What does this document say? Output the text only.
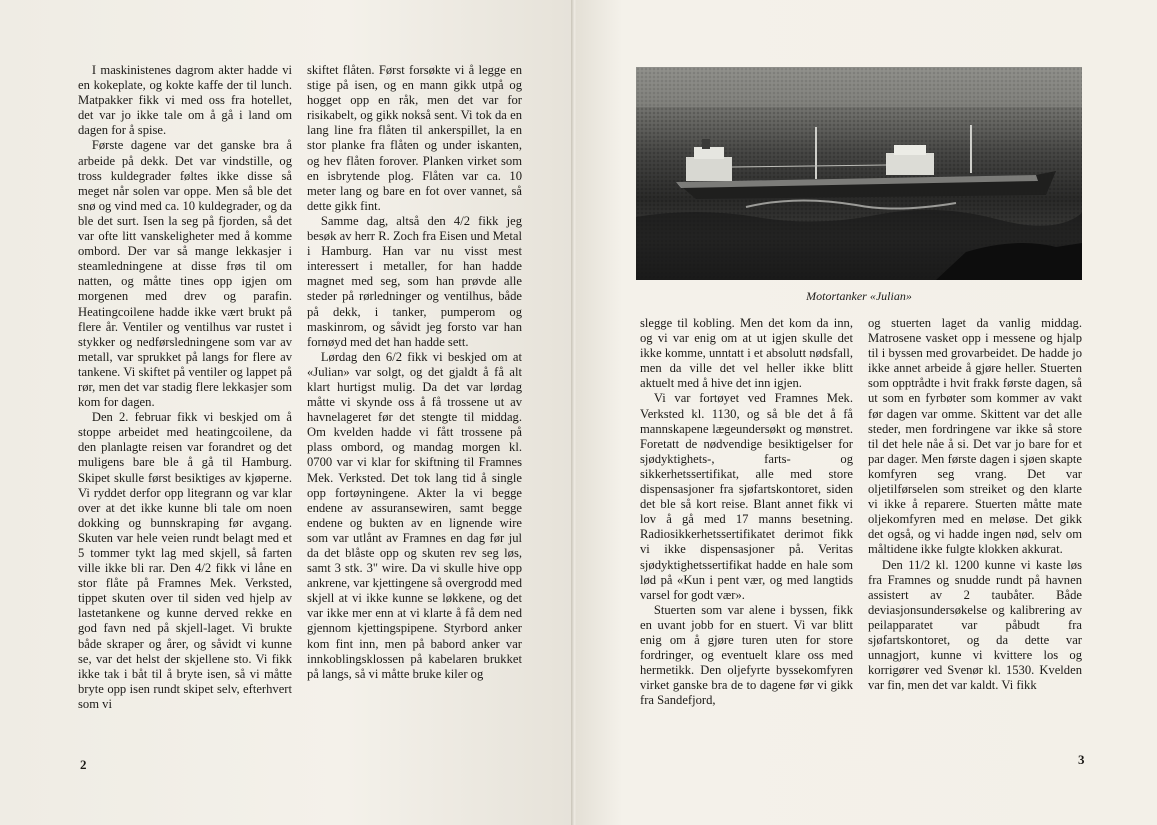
I maskinistenes dagrom akter hadde vi en kokeplate, og kokte kaffe der til lunch. Matpakker fikk vi med oss fra hotellet, det var jo ikke tale om å gå i land om dagen for å spise.

Første dagene var det ganske bra å arbeide på dekk. Det var vindstille, og tross kuldegrader føltes ikke disse så meget når solen var oppe. Men så ble det snø og vind med ca. 10 kuldegrader, og da ble det surt. Isen la seg på fjorden, så det var ofte litt vanskeligheter med å komme ombord. Der var så mange lekkasjer i steamledningene at disse frøs til om natten, og måtte tines opp igjen om morgenen med drev og parafin. Heatingcoilene hadde ikke vært brukt på flere år. Ventiler og ventilhus var rustet i stykker og nedførsledningene som var av metall, var sprukket på langs for flere av tankene. Vi skiftet på ventiler og lappet på rør, men det var stadig flere lekkasjer som kom for dagen.

Den 2. februar fikk vi beskjed om å stoppe arbeidet med heatingcoilene, da den planlagte reisen var forandret og det muligens bare ble å gå til Hamburg. Skipet skulle først besiktiges av kjøperne. Vi ryddet derfor opp litegrann og var klar over at det ikke kunne bli tale om noen dokking og bunnskraping før avgang. Skuten var hele veien rundt belagt med et 5 tommer tykt lag med skjell, så farten ville ikke bli rar. Den 4/2 fikk vi låne en stor flåte på Framnes Mek. Verksted, tippet skuten over til siden ved hjelp av lastetankene og kunne derved rekke en god favn ned på skjell-laget. Vi brukte både skraper og årer, og såvidt vi kunne se, var det helst der skjellene sto. Vi fikk ikke tak i båt til å bryte isen, så vi måtte bryte opp isen rundt skipet selv, efterhvert som vi

skiftet flåten. Først forsøkte vi å legge en stige på isen, og en mann gikk utpå og hogget opp en råk, men det var for risikabelt, og gikk nokså sent. Vi tok da en lang line fra flåten til ankerspillet, la en stor planke fra flåten og under iskanten, og hev flåten forover. Planken virket som en isbrytende plog. Flåten var ca. 10 meter lang og bare en fot over vannet, så dette gikk fint.

Samme dag, altså den 4/2 fikk jeg besøk av herr R. Zoch fra Eisen und Metal i Hamburg. Han var nu visst mest interessert i metaller, for han hadde magnet med seg, som han prøvde alle steder på rørledninger og ventilhus, både på dekk, i tanker, pumperom og maskinrom, og såvidt jeg forsto var han fornøyd med det han hadde sett.

Lørdag den 6/2 fikk vi beskjed om at «Julian» var solgt, og det gjaldt å få alt klart hurtigst mulig. Da det var lørdag måtte vi skynde oss å få trossene ut av havnelageret før det stengte til middag. Om kvelden hadde vi fått trossene på plass ombord, og mandag morgen kl. 0700 var vi klar for skiftning til Framnes Mek. Verksted. Det tok lang tid å single opp fortøyningene. Akter la vi begge endene av assuransewiren, samt begge endene og bukten av en lignende wire som var utlånt av Framnes en dag før jul da det blåste opp og skuten rev seg løs, samt 3 stk. 3" wire. Da vi skulle hive opp ankrene, var kjettingene så overgrodd med skjell at vi ikke kunne se løkkene, og det var ikke mer enn at vi klarte å få dem ned gjennom kjettingspipene. Styrbord anker kom fint inn, men på babord anker var innkoblingsklossen på kabelaren brukket på langs, så vi måtte bruke kiler og

2
Motortanker «Julian»

slegge til kobling. Men det kom da inn, og vi var enig om at ut igjen skulle det ikke komme, unntatt i et absolutt nødsfall, men da ville det vel heller ikke blitt aktuelt med å hive det inn igjen.

Vi var fortøyet ved Framnes Mek. Verksted kl. 1130, og så ble det å få mannskapene lægeundersøkt og mønstret. Foretatt de nødvendige besiktigelser for sjødyktighets-, farts- og sikkerhetssertifikat, alle med store dispensasjoner fra sjøfartskontoret, siden det ble så kort reise. Blant annet fikk vi lov å gå med 17 manns besetning. Radiosikkerhetssertifikatet derimot fikk vi ikke dispensasjoner på. Veritas sjødyktighetssertifikat hadde en hale som lød på «Kun i pent vær, og med langtids varsel for godt vær».

Stuerten som var alene i byssen, fikk en uvant jobb for en stuert. Vi var blitt enig om å gjøre turen uten for store fordringer, og eventuelt klare oss med hermetikk. Den oljefyrte byssekomfyren virket ganske bra de to dagene før vi gikk fra Sandefjord,

og stuerten laget da vanlig middag. Matrosene vasket opp i messene og hjalp til i byssen med grovarbeidet. De hadde jo ikke annet arbeide å gjøre heller. Stuerten som opptrådte i hvit frakk første dagen, så ut som en fyrbøter som kommer av vakt før dagen var omme. Skittent var det alle steder, men fordringene var ikke så store til det hele nåe å si. Det var jo bare for et par dager. Men første dagen i sjøen skapte komfyren seg vrang. Det var oljetilførselen som streiket og den klarte vi ikke å reparere. Stuerten måtte mate oljekomfyren med en meløse. Det gikk det også, og vi hadde ingen nød, selv om måltidene ikke fulgte klokken akkurat.

Den 11/2 kl. 1200 kunne vi kaste løs fra Framnes og snudde rundt på havnen assistert av 2 taubåter. Både deviasjonsundersøkelse og kalibrering av peilapparatet var påbudt fra sjøfartskontoret, og da dette var unnagjort, kunne vi kvittere los og korrigører ved Svenør kl. 1530. Kvelden var fin, men det var kaldt. Vi fikk

3
